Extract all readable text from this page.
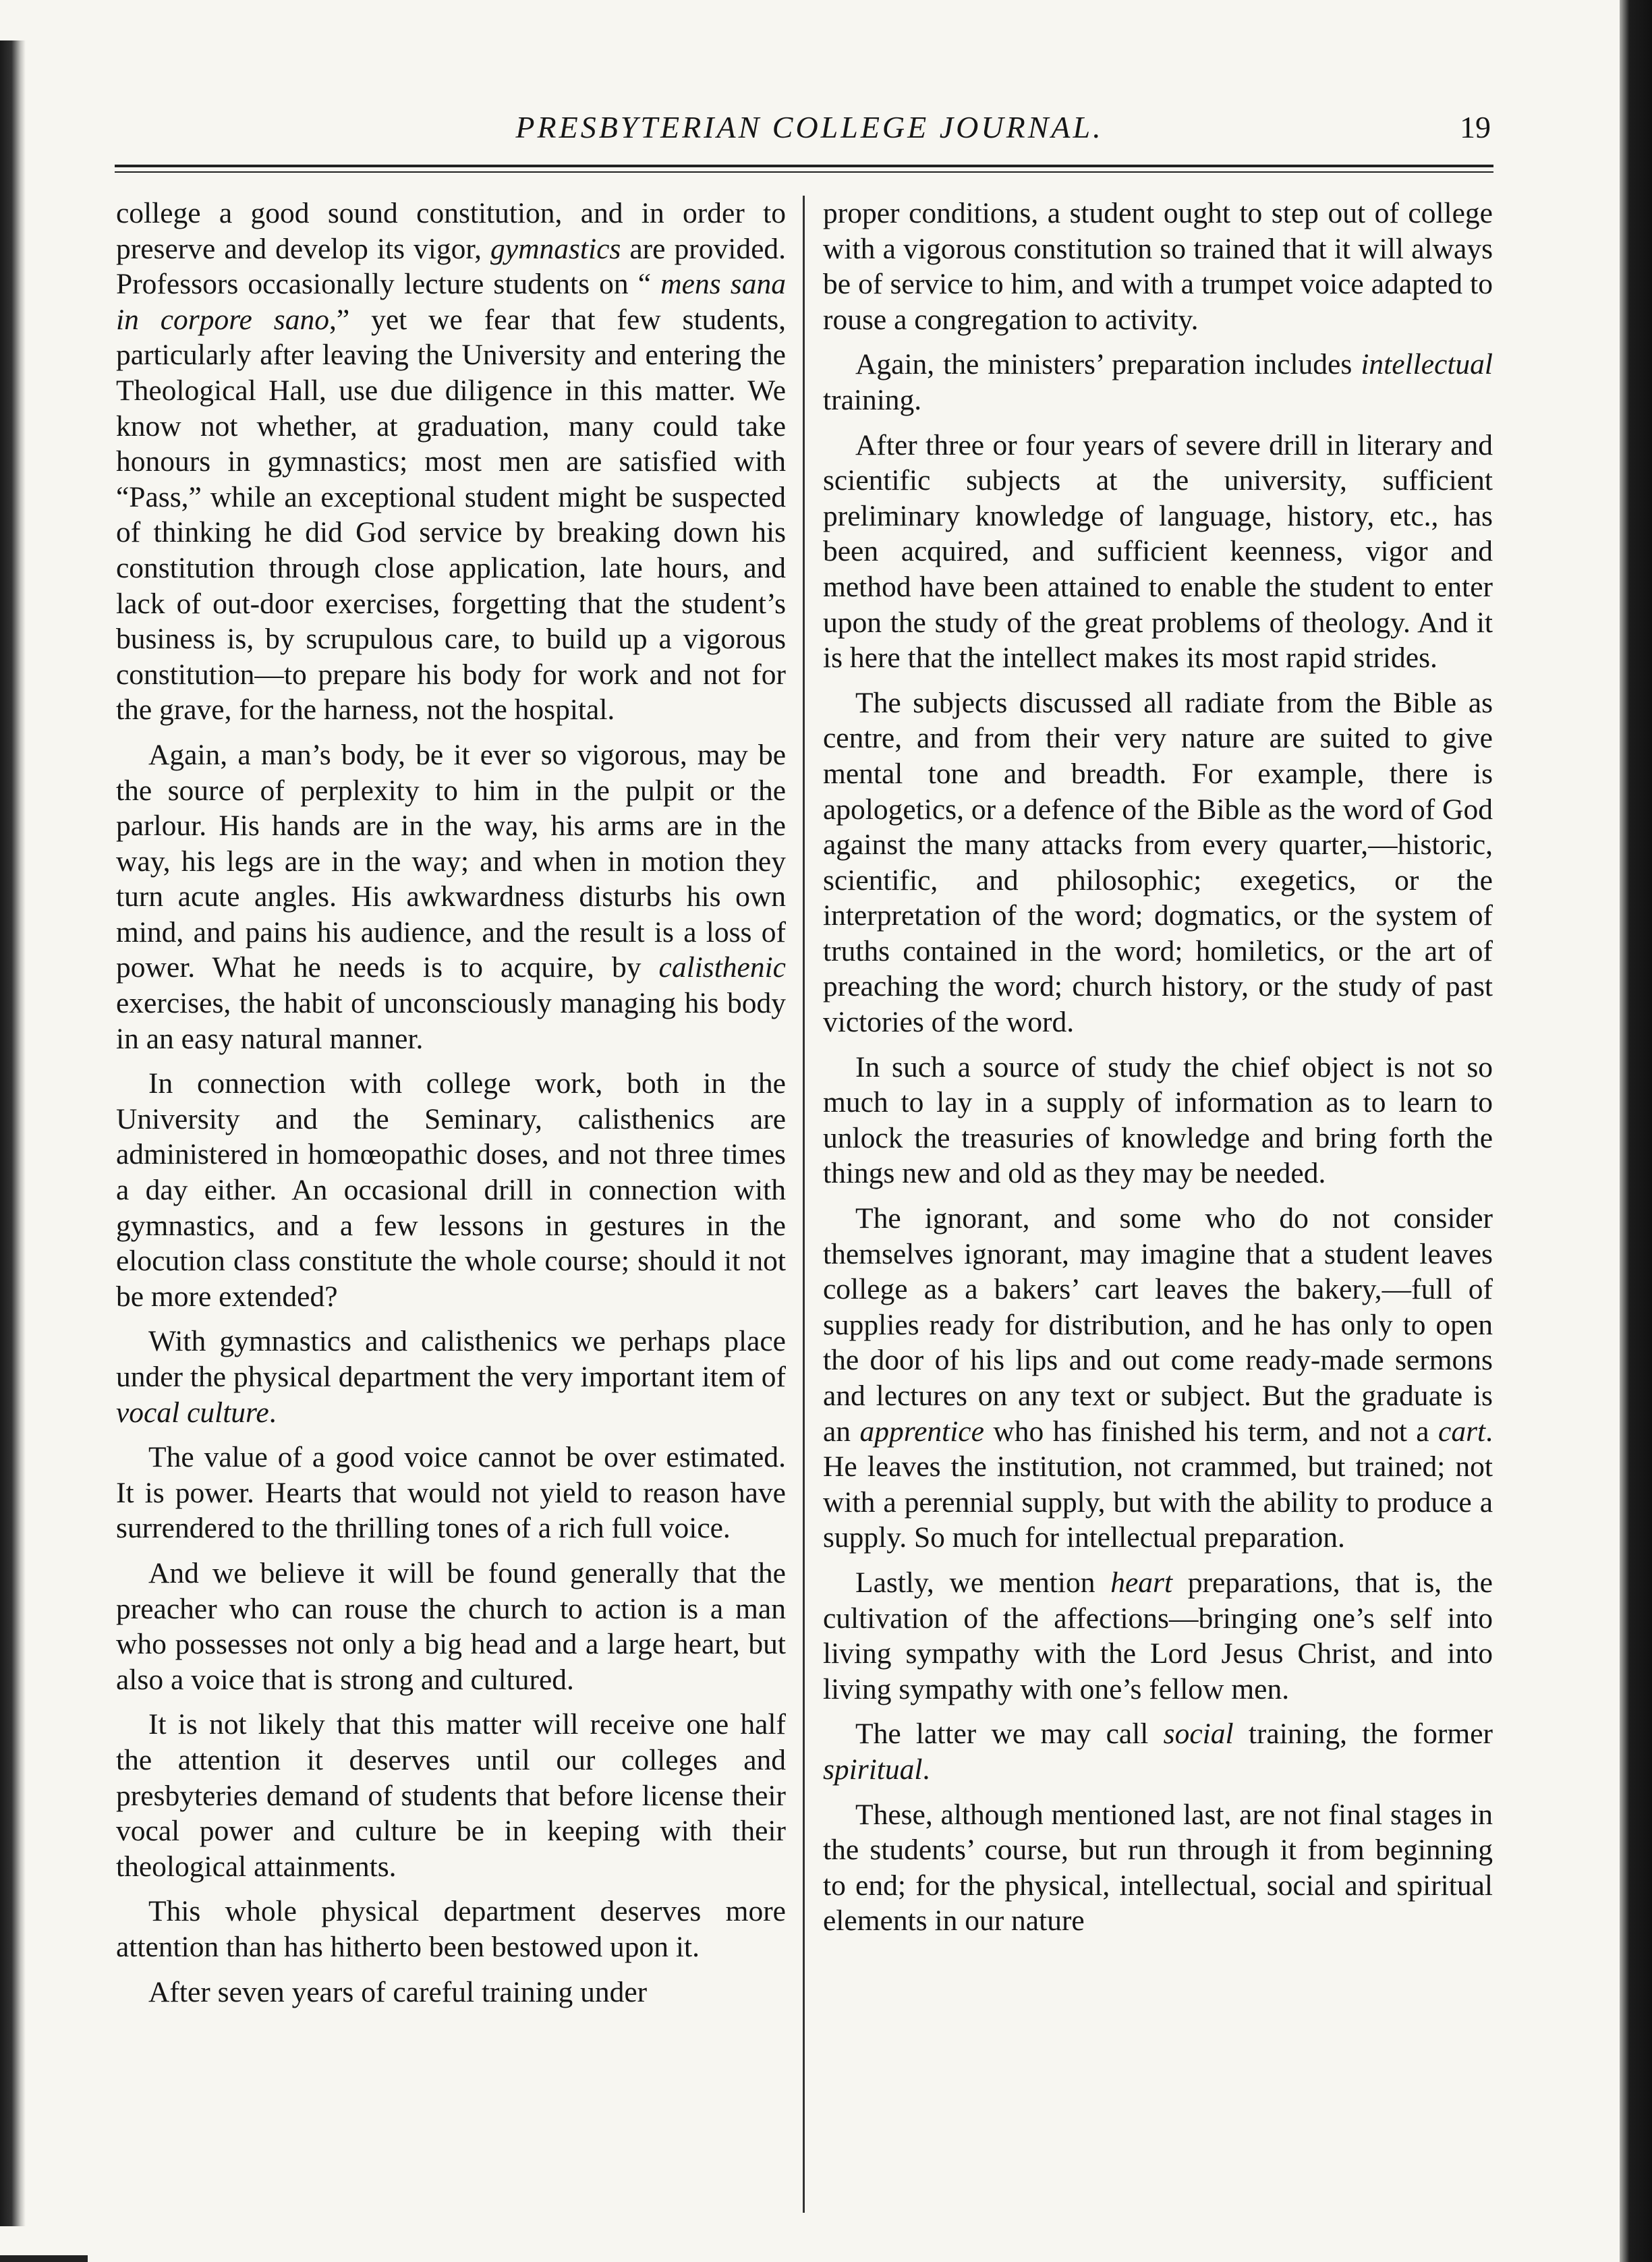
PRESBYTERIAN COLLEGE JOURNAL.	19

college a good sound constitution, and in order to preserve and develop its vigor, gymnastics are provided. Professors occasionally lecture students on “ mens sana in corpore sano,” yet we fear that few students, particularly after leaving the University and entering the Theological Hall, use due diligence in this matter. We know not whether, at graduation, many could take honours in gymnastics; most men are satisfied with “Pass,” while an exceptional student might be suspected of thinking he did God service by breaking down his constitution through close application, late hours, and lack of out-door exercises, forgetting that the student’s business is, by scrupulous care, to build up a vigorous constitution—to prepare his body for work and not for the grave, for the harness, not the hospital.

Again, a man’s body, be it ever so vigorous, may be the source of perplexity to him in the pulpit or the parlour. His hands are in the way, his arms are in the way, his legs are in the way; and when in motion they turn acute angles. His awkwardness disturbs his own mind, and pains his audience, and the result is a loss of power. What he needs is to acquire, by calisthenic exercises, the habit of unconsciously managing his body in an easy natural manner.

In connection with college work, both in the University and the Seminary, calisthenics are administered in homœopathic doses, and not three times a day either. An occasional drill in connection with gymnastics, and a few lessons in gestures in the elocution class constitute the whole course; should it not be more extended?

With gymnastics and calisthenics we perhaps place under the physical department the very important item of vocal culture.

The value of a good voice cannot be over estimated. It is power. Hearts that would not yield to reason have surrendered to the thrilling tones of a rich full voice.

And we believe it will be found generally that the preacher who can rouse the church to action is a man who possesses not only a big head and a large heart, but also a voice that is strong and cultured.

It is not likely that this matter will receive one half the attention it deserves until our colleges and presbyteries demand of students that before license their vocal power and culture be in keeping with their theological attainments.

This whole physical department deserves more attention than has hitherto been bestowed upon it.

After seven years of careful training under

proper conditions, a student ought to step out of college with a vigorous constitution so trained that it will always be of service to him, and with a trumpet voice adapted to rouse a congregation to activity.

Again, the ministers’ preparation includes intellectual training.

After three or four years of severe drill in literary and scientific subjects at the university, sufficient preliminary knowledge of language, history, etc., has been acquired, and sufficient keenness, vigor and method have been attained to enable the student to enter upon the study of the great problems of theology. And it is here that the intellect makes its most rapid strides.

The subjects discussed all radiate from the Bible as centre, and from their very nature are suited to give mental tone and breadth. For example, there is apologetics, or a defence of the Bible as the word of God against the many attacks from every quarter,—historic, scientific, and philosophic; exegetics, or the interpretation of the word; dogmatics, or the system of truths contained in the word; homiletics, or the art of preaching the word; church history, or the study of past victories of the word.

In such a source of study the chief object is not so much to lay in a supply of information as to learn to unlock the treasuries of knowledge and bring forth the things new and old as they may be needed.

The ignorant, and some who do not consider themselves ignorant, may imagine that a student leaves college as a bakers’ cart leaves the bakery,—full of supplies ready for distribution, and he has only to open the door of his lips and out come ready-made sermons and lectures on any text or subject. But the graduate is an apprentice who has finished his term, and not a cart. He leaves the institution, not crammed, but trained; not with a perennial supply, but with the ability to produce a supply. So much for intellectual preparation.

Lastly, we mention heart preparations, that is, the cultivation of the affections—bringing one’s self into living sympathy with the Lord Jesus Christ, and into living sympathy with one’s fellow men.

The latter we may call social training, the former spiritual.

These, although mentioned last, are not final stages in the students’ course, but run through it from beginning to end; for the physical, intellectual, social and spiritual elements in our nature
